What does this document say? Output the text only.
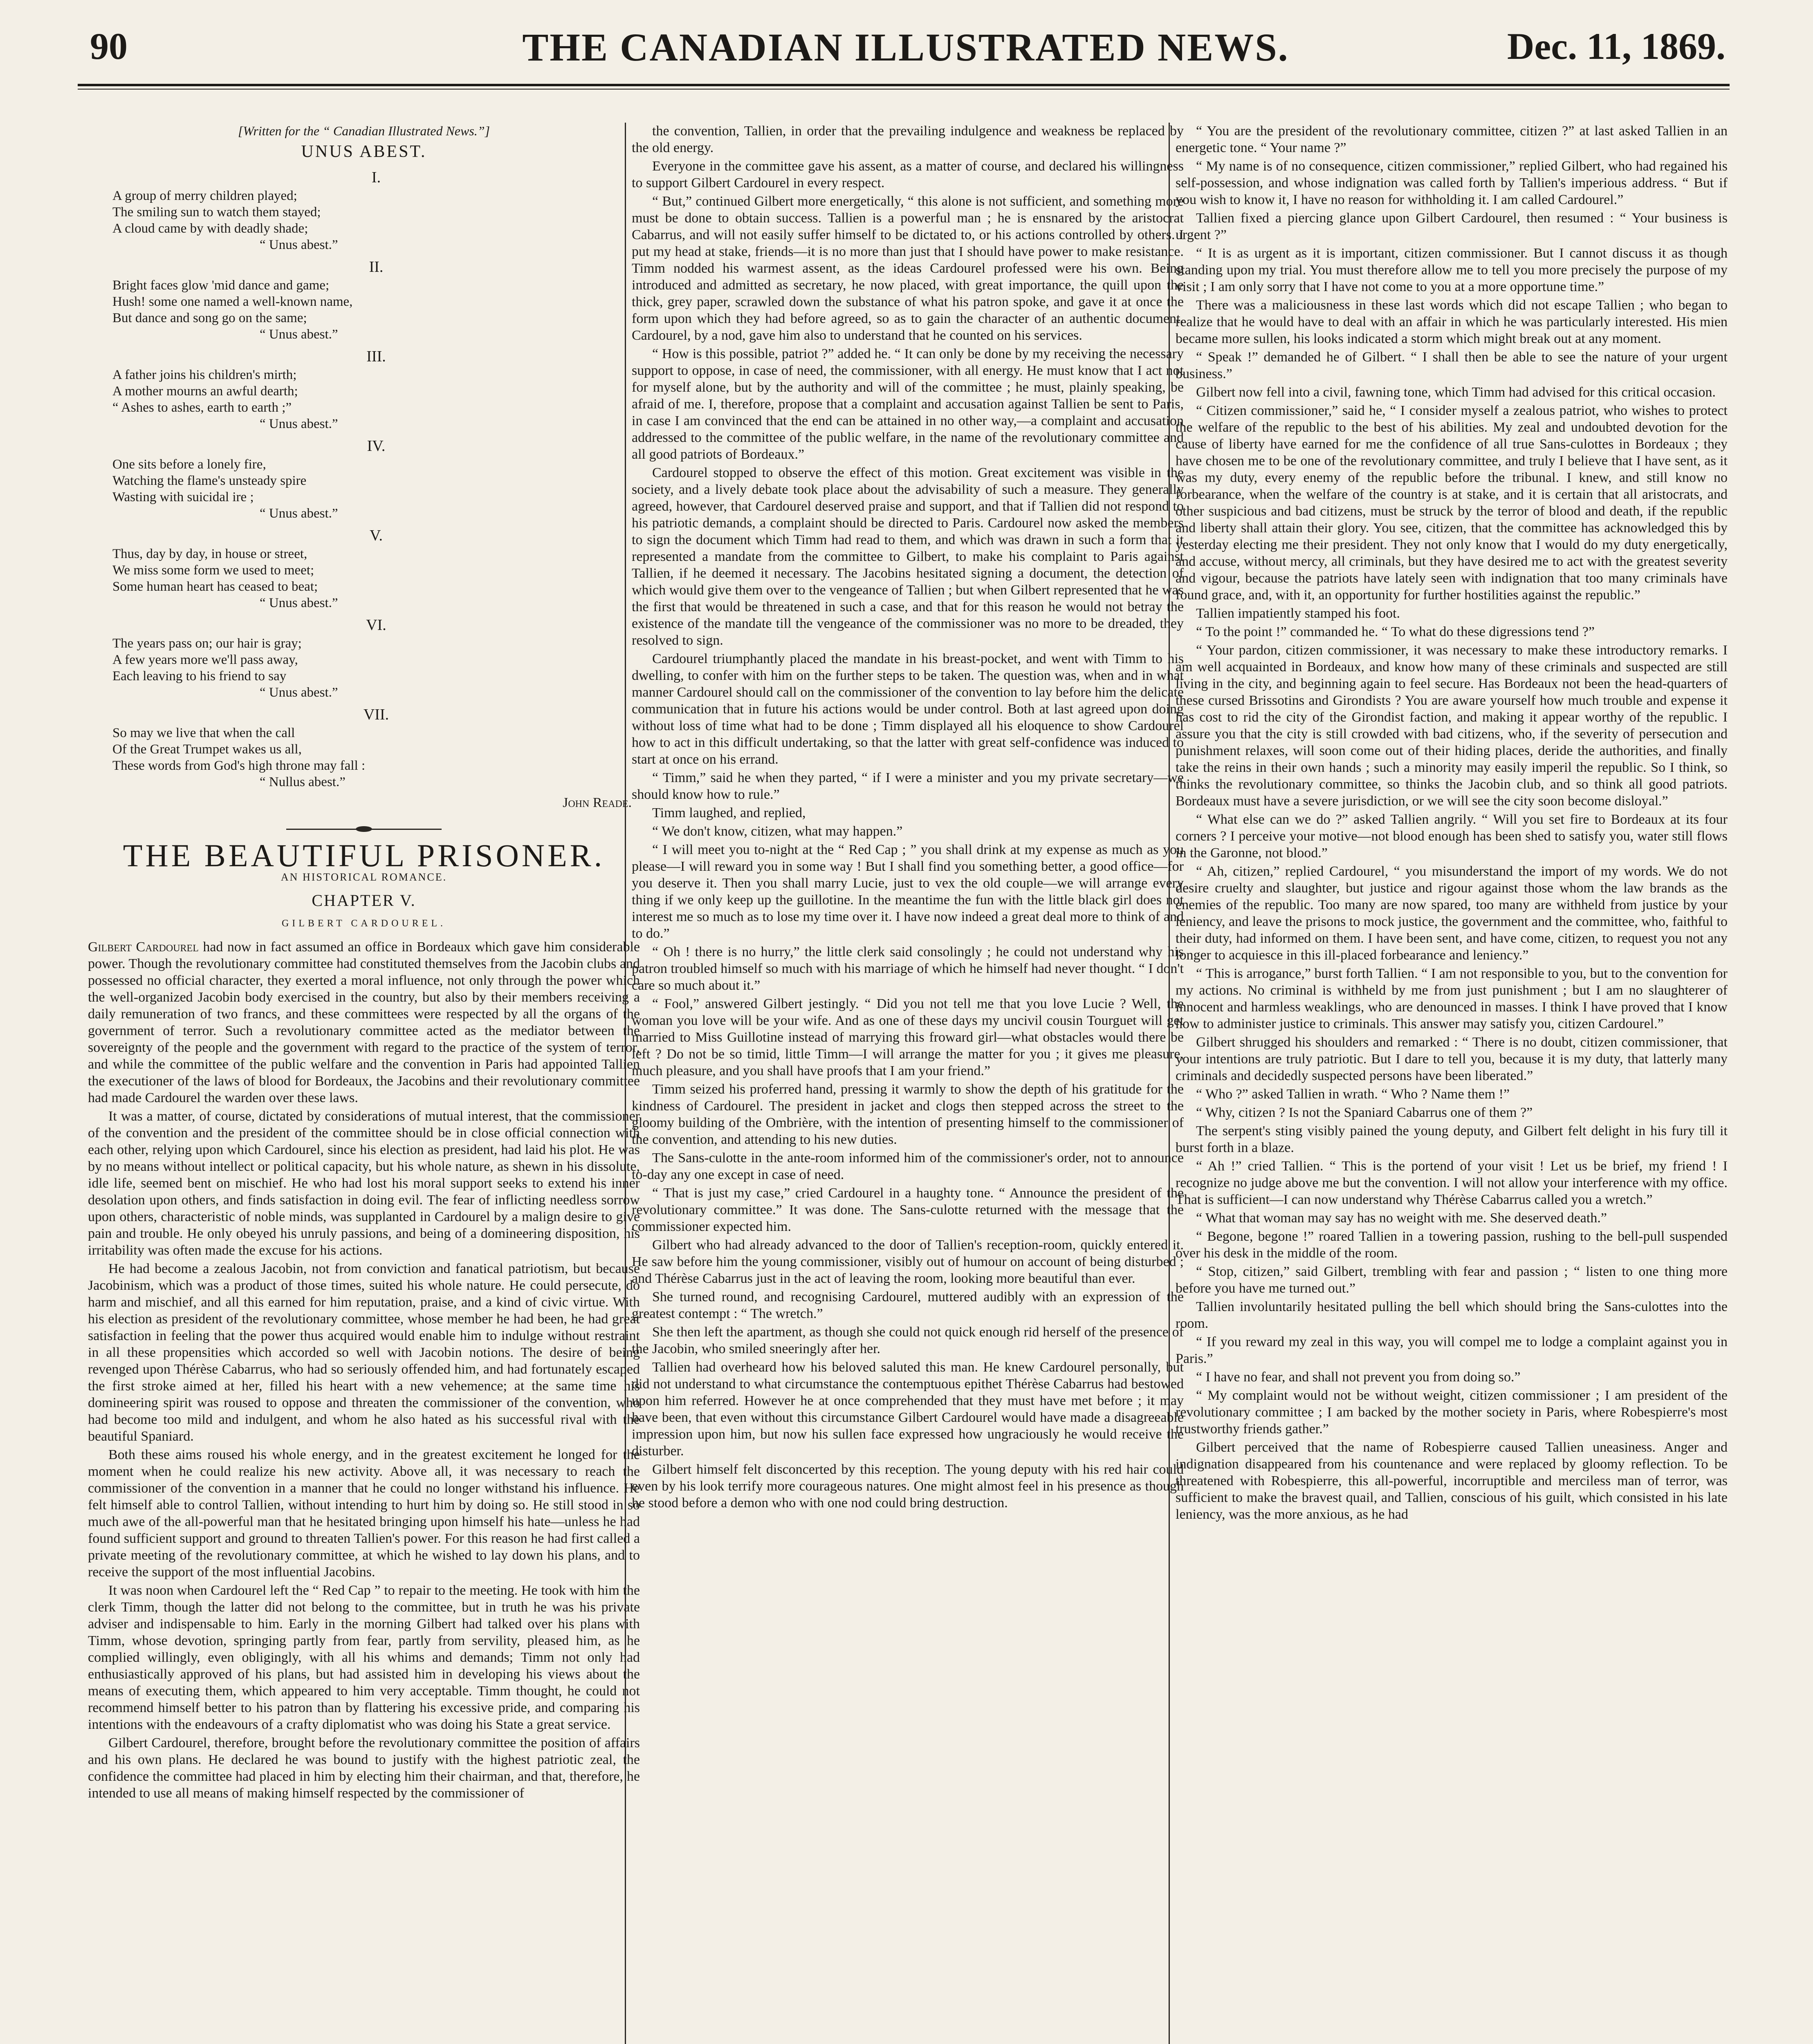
90	THE CANADIAN ILLUSTRATED NEWS.	Dec. 11, 1869.
[Written for the “ Canadian Illustrated News.”]
UNUS ABEST.
I.
A group of merry children played;
The smiling sun to watch them stayed;
A cloud came by with deadly shade;
“ Unus abest.”
II.
Bright faces glow 'mid dance and game;
Hush! some one named a well-known name,
But dance and song go on the same;
“ Unus abest.”
III.
A father joins his children's mirth;
A mother mourns an awful dearth;
“ Ashes to ashes, earth to earth ;”
“ Unus abest.”
IV.
One sits before a lonely fire,
Watching the flame's unsteady spire
Wasting with suicidal ire ;
“ Unus abest.”
V.
Thus, day by day, in house or street,
We miss some form we used to meet;
Some human heart has ceased to beat;
“ Unus abest.”
VI.
The years pass on; our hair is gray;
A few years more we'll pass away,
Each leaving to his friend to say
“ Unus abest.”
VII.
So may we live that when the call
Of the Great Trumpet wakes us all,
These words from God's high throne may fall :
“ Nullus abest.”
John Reade.
THE BEAUTIFUL PRISONER.
AN HISTORICAL ROMANCE.
CHAPTER V.
GILBERT CARDOUREL.

Gilbert Cardourel had now in fact assumed an office in Bordeaux which gave him considerable power. Though the revolutionary committee had constituted themselves from the Jacobin clubs and possessed no official character, they exerted a moral influence, not only through the power which the well-organized Jacobin body exercised in the country, but also by their members receiving a daily remuneration of two francs, and these committees were respected by all the organs of the government of terror. Such a revolutionary committee acted as the mediator between the sovereignty of the people and the government with regard to the practice of the system of terror, and while the committee of the public welfare and the convention in Paris had appointed Tallien the executioner of the laws of blood for Bordeaux, the Jacobins and their revolutionary committee had made Cardourel the warden over these laws.

It was a matter, of course, dictated by considerations of mutual interest, that the commissioner of the convention and the president of the committee should be in close official connection with each other, relying upon which Cardourel, since his election as president, had laid his plot. He was by no means without intellect or political capacity, but his whole nature, as shewn in his dissolute, idle life, seemed bent on mischief. He who had lost his moral support seeks to extend his inner desolation upon others, and finds satisfaction in doing evil. The fear of inflicting needless sorrow upon others, characteristic of noble minds, was supplanted in Cardourel by a malign desire to give pain and trouble. He only obeyed his unruly passions, and being of a domineering disposition, his irritability was often made the excuse for his actions.

He had become a zealous Jacobin, not from conviction and fanatical patriotism, but because Jacobinism, which was a product of those times, suited his whole nature. He could persecute, do harm and mischief, and all this earned for him reputation, praise, and a kind of civic virtue. With his election as president of the revolutionary committee, whose member he had been, he had great satisfaction in feeling that the power thus acquired would enable him to indulge without restraint in all these propensities which accorded so well with Jacobin notions. The desire of being revenged upon Thérèse Cabarrus, who had so seriously offended him, and had fortunately escaped the first stroke aimed at her, filled his heart with a new vehemence; at the same time his domineering spirit was roused to oppose and threaten the commissioner of the convention, who had become too mild and indulgent, and whom he also hated as his successful rival with the beautiful Spaniard.

Both these aims roused his whole energy, and in the greatest excitement he longed for the moment when he could realize his new activity. Above all, it was necessary to reach the commissioner of the convention in a manner that he could no longer withstand his influence. He felt himself able to control Tallien, without intending to hurt him by doing so. He still stood in so much awe of the all-powerful man that he hesitated bringing upon himself his hate—unless he had found sufficient support and ground to threaten Tallien's power. For this reason he had first called a private meeting of the revolutionary committee, at which he wished to lay down his plans, and to receive the support of the most influential Jacobins.

It was noon when Cardourel left the “ Red Cap ” to repair to the meeting. He took with him the clerk Timm, though the latter did not belong to the committee, but in truth he was his private adviser and indispensable to him. Early in the morning Gilbert had talked over his plans with Timm, whose devotion, springing partly from fear, partly from servility, pleased him, as he complied willingly, even obligingly, with all his whims and demands; Timm not only had enthusiastically approved of his plans, but had assisted him in developing his views about the means of executing them, which appeared to him very acceptable. Timm thought, he could not recommend himself better to his patron than by flattering his excessive pride, and comparing his intentions with the endeavours of a crafty diplomatist who was doing his State a great service.

Gilbert Cardourel, therefore, brought before the revolutionary committee the position of affairs and his own plans. He declared he was bound to justify with the highest patriotic zeal, the confidence the committee had placed in him by electing him their chairman, and that, therefore, he intended to use all means of making himself respected by the commissioner of

the convention, Tallien, in order that the prevailing indulgence and weakness be replaced by the old energy.

Everyone in the committee gave his assent, as a matter of course, and declared his willingness to support Gilbert Cardourel in every respect.

“ But,” continued Gilbert more energetically, “ this alone is not sufficient, and something more must be done to obtain success. Tallien is a powerful man ; he is ensnared by the aristocrat Cabarrus, and will not easily suffer himself to be dictated to, or his actions controlled by others. I put my head at stake, friends—it is no more than just that I should have power to make resistance. Timm nodded his warmest assent, as the ideas Cardourel professed were his own. Being introduced and admitted as secretary, he now placed, with great importance, the quill upon the thick, grey paper, scrawled down the substance of what his patron spoke, and gave it at once the form upon which they had before agreed, so as to gain the character of an authentic document. Cardourel, by a nod, gave him also to understand that he counted on his services.

“ How is this possible, patriot ?” added he. “ It can only be done by my receiving the necessary support to oppose, in case of need, the commissioner, with all energy. He must know that I act not for myself alone, but by the authority and will of the committee ; he must, plainly speaking, be afraid of me. I, therefore, propose that a complaint and accusation against Tallien be sent to Paris, in case I am convinced that the end can be attained in no other way,—a complaint and accusation addressed to the committee of the public welfare, in the name of the revolutionary committee and all good patriots of Bordeaux.”

Cardourel stopped to observe the effect of this motion. Great excitement was visible in the society, and a lively debate took place about the advisability of such a measure. They generally agreed, however, that Cardourel deserved praise and support, and that if Tallien did not respond to his patriotic demands, a complaint should be directed to Paris. Cardourel now asked the members to sign the document which Timm had read to them, and which was drawn in such a form that it represented a mandate from the committee to Gilbert, to make his complaint to Paris against Tallien, if he deemed it necessary. The Jacobins hesitated signing a document, the detection of which would give them over to the vengeance of Tallien ; but when Gilbert represented that he was the first that would be threatened in such a case, and that for this reason he would not betray the existence of the mandate till the vengeance of the commissioner was no more to be dreaded, they resolved to sign.

Cardourel triumphantly placed the mandate in his breast-pocket, and went with Timm to his dwelling, to confer with him on the further steps to be taken. The question was, when and in what manner Cardourel should call on the commissioner of the convention to lay before him the delicate communication that in future his actions would be under control. Both at last agreed upon doing without loss of time what had to be done ; Timm displayed all his eloquence to show Cardourel how to act in this difficult undertaking, so that the latter with great self-confidence was induced to start at once on his errand.

“ Timm,” said he when they parted, “ if I were a minister and you my private secretary—we should know how to rule.”

Timm laughed, and replied,

“ We don't know, citizen, what may happen.”

“ I will meet you to-night at the “ Red Cap ; ” you shall drink at my expense as much as you please—I will reward you in some way ! But I shall find you something better, a good office—for you deserve it. Then you shall marry Lucie, just to vex the old couple—we will arrange every thing if we only keep up the guillotine. In the meantime the fun with the little black girl does not interest me so much as to lose my time over it. I have now indeed a great deal more to think of and to do.”

“ Oh ! there is no hurry,” the little clerk said consolingly ; he could not understand why his patron troubled himself so much with his marriage of which he himself had never thought. “ I don't care so much about it.”

“ Fool,” answered Gilbert jestingly. “ Did you not tell me that you love Lucie ? Well, the woman you love will be your wife. And as one of these days my uncivil cousin Tourguet will get married to Miss Guillotine instead of marrying this froward girl—what obstacles would there be left ? Do not be so timid, little Timm—I will arrange the matter for you ; it gives me pleasure, much pleasure, and you shall have proofs that I am your friend.”

Timm seized his proferred hand, pressing it warmly to show the depth of his gratitude for the kindness of Cardourel. The president in jacket and clogs then stepped across the street to the gloomy building of the Ombrière, with the intention of presenting himself to the commissioner of the convention, and attending to his new duties.

The Sans-culotte in the ante-room informed him of the commissioner's order, not to announce to-day any one except in case of need.

“ That is just my case,” cried Cardourel in a haughty tone. “ Announce the president of the revolutionary committee.” It was done. The Sans-culotte returned with the message that the commissioner expected him.

Gilbert who had already advanced to the door of Tallien's reception-room, quickly entered it. He saw before him the young commissioner, visibly out of humour on account of being disturbed ; and Thérèse Cabarrus just in the act of leaving the room, looking more beautiful than ever.

She turned round, and recognising Cardourel, muttered audibly with an expression of the greatest contempt : “ The wretch.”

She then left the apartment, as though she could not quick enough rid herself of the presence of the Jacobin, who smiled sneeringly after her.

Tallien had overheard how his beloved saluted this man. He knew Cardourel personally, but did not understand to what circumstance the contemptuous epithet Thérèse Cabarrus had bestowed upon him referred. However he at once comprehended that they must have met before ; it may have been, that even without this circumstance Gilbert Cardourel would have made a disagreeable impression upon him, but now his sullen face expressed how ungraciously he would receive the disturber.

Gilbert himself felt disconcerted by this reception. The young deputy with his red hair could even by his look terrify more courageous natures. One might almost feel in his presence as though he stood before a demon who with one nod could bring destruction.

“ You are the president of the revolutionary committee, citizen ?” at last asked Tallien in an energetic tone. “ Your name ?”

“ My name is of no consequence, citizen commissioner,” replied Gilbert, who had regained his self-possession, and whose indignation was called forth by Tallien's imperious address. “ But if you wish to know it, I have no reason for withholding it. I am called Cardourel.”

Tallien fixed a piercing glance upon Gilbert Cardourel, then resumed : “ Your business is urgent ?”

“ It is as urgent as it is important, citizen commissioner. But I cannot discuss it as though standing upon my trial. You must therefore allow me to tell you more precisely the purpose of my visit ; I am only sorry that I have not come to you at a more opportune time.”

There was a maliciousness in these last words which did not escape Tallien ; who began to realize that he would have to deal with an affair in which he was particularly interested. His mien became more sullen, his looks indicated a storm which might break out at any moment.

“ Speak !” demanded he of Gilbert. “ I shall then be able to see the nature of your urgent business.”

Gilbert now fell into a civil, fawning tone, which Timm had advised for this critical occasion.

“ Citizen commissioner,” said he, “ I consider myself a zealous patriot, who wishes to protect the welfare of the republic to the best of his abilities. My zeal and undoubted devotion for the cause of liberty have earned for me the confidence of all true Sans-culottes in Bordeaux ; they have chosen me to be one of the revolutionary committee, and truly I believe that I have sent, as it was my duty, every enemy of the republic before the tribunal. I knew, and still know no forbearance, when the welfare of the country is at stake, and it is certain that all aristocrats, and other suspicious and bad citizens, must be struck by the terror of blood and death, if the republic and liberty shall attain their glory. You see, citizen, that the committee has acknowledged this by yesterday electing me their president. They not only know that I would do my duty energetically, and accuse, without mercy, all criminals, but they have desired me to act with the greatest severity and vigour, because the patriots have lately seen with indignation that too many criminals have found grace, and, with it, an opportunity for further hostilities against the republic.”

Tallien impatiently stamped his foot.

“ To the point !” commanded he. “ To what do these digressions tend ?”

“ Your pardon, citizen commissioner, it was necessary to make these introductory remarks. I am well acquainted in Bordeaux, and know how many of these criminals and suspected are still living in the city, and beginning again to feel secure. Has Bordeaux not been the head-quarters of these cursed Brissotins and Girondists ? You are aware yourself how much trouble and expense it has cost to rid the city of the Girondist faction, and making it appear worthy of the republic. I assure you that the city is still crowded with bad citizens, who, if the severity of persecution and punishment relaxes, will soon come out of their hiding places, deride the authorities, and finally take the reins in their own hands ; such a minority may easily imperil the republic. So I think, so thinks the revolutionary committee, so thinks the Jacobin club, and so think all good patriots. Bordeaux must have a severe jurisdiction, or we will see the city soon become disloyal.”

“ What else can we do ?” asked Tallien angrily. “ Will you set fire to Bordeaux at its four corners ? I perceive your motive—not blood enough has been shed to satisfy you, water still flows in the Garonne, not blood.”

“ Ah, citizen,” replied Cardourel, “ you misunderstand the import of my words. We do not desire cruelty and slaughter, but justice and rigour against those whom the law brands as the enemies of the republic. Too many are now spared, too many are withheld from justice by your leniency, and leave the prisons to mock justice, the government and the committee, who, faithful to their duty, had informed on them. I have been sent, and have come, citizen, to request you not any longer to acquiesce in this ill-placed forbearance and leniency.”

“ This is arrogance,” burst forth Tallien. “ I am not responsible to you, but to the convention for my actions. No criminal is withheld by me from just punishment ; but I am no slaughterer of innocent and harmless weaklings, who are denounced in masses. I think I have proved that I know how to administer justice to criminals. This answer may satisfy you, citizen Cardourel.”

Gilbert shrugged his shoulders and remarked : “ There is no doubt, citizen commissioner, that your intentions are truly patriotic. But I dare to tell you, because it is my duty, that latterly many criminals and decidedly suspected persons have been liberated.”

“ Who ?” asked Tallien in wrath. “ Who ? Name them !”

“ Why, citizen ? Is not the Spaniard Cabarrus one of them ?”

The serpent's sting visibly pained the young deputy, and Gilbert felt delight in his fury till it burst forth in a blaze.

“ Ah !” cried Tallien. “ This is the portend of your visit ! Let us be brief, my friend ! I recognize no judge above me but the convention. I will not allow your interference with my office. That is sufficient—I can now understand why Thérèse Cabarrus called you a wretch.”

“ What that woman may say has no weight with me. She deserved death.”

“ Begone, begone !” roared Tallien in a towering passion, rushing to the bell-pull suspended over his desk in the middle of the room.

“ Stop, citizen,” said Gilbert, trembling with fear and passion ; “ listen to one thing more before you have me turned out.”

Tallien involuntarily hesitated pulling the bell which should bring the Sans-culottes into the room.

“ If you reward my zeal in this way, you will compel me to lodge a complaint against you in Paris.”

“ I have no fear, and shall not prevent you from doing so.”

“ My complaint would not be without weight, citizen commissioner ; I am president of the revolutionary committee ; I am backed by the mother society in Paris, where Robespierre's most trustworthy friends gather.”

Gilbert perceived that the name of Robespierre caused Tallien uneasiness. Anger and indignation disappeared from his countenance and were replaced by gloomy reflection. To be threatened with Robespierre, this all-powerful, incorruptible and merciless man of terror, was sufficient to make the bravest quail, and Tallien, conscious of his guilt, which consisted in his late leniency, was the more anxious, as he had
